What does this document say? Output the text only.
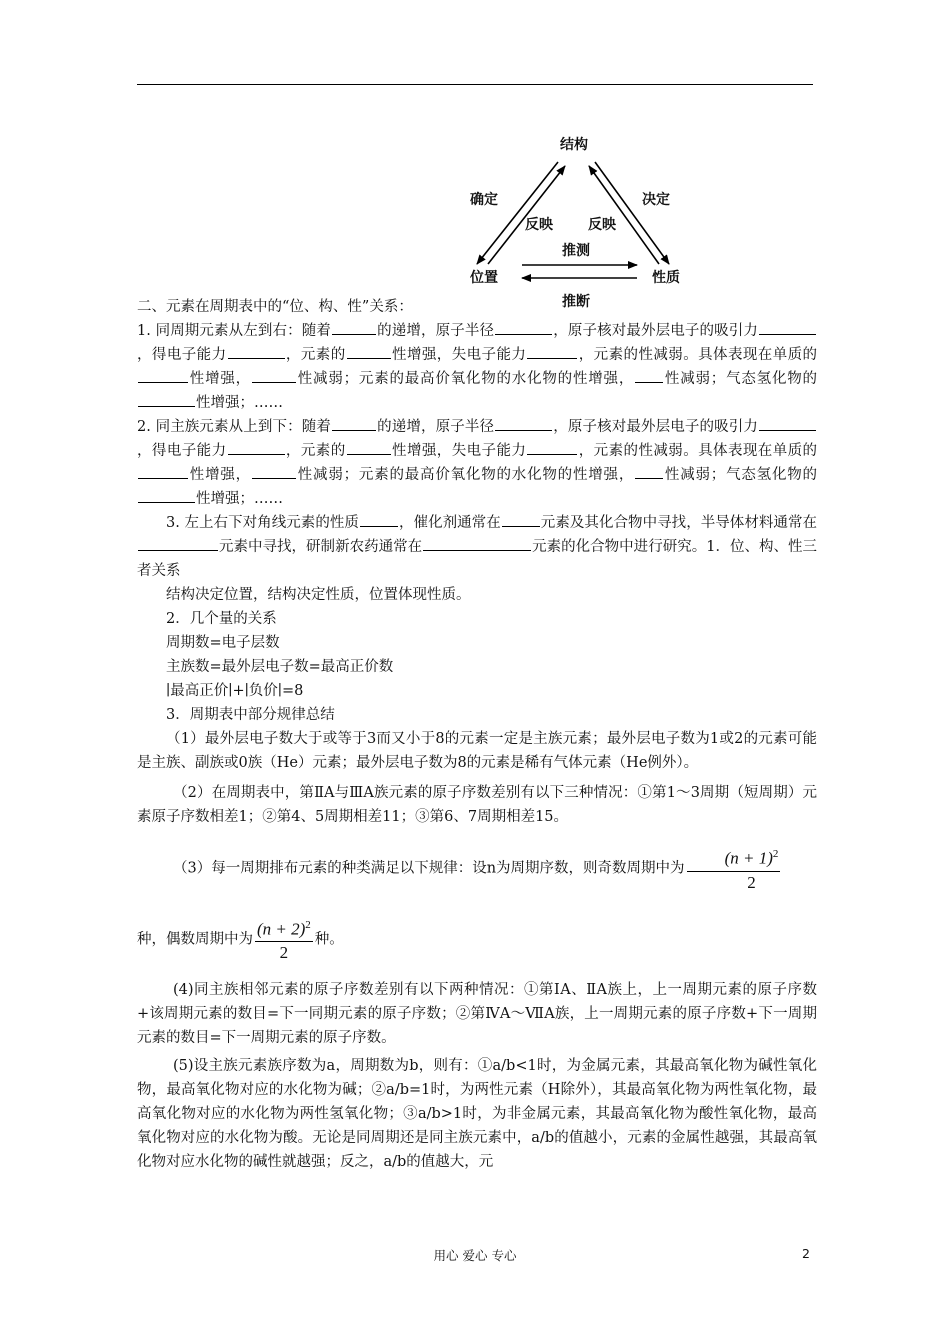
结构
位置	性质
确定	决定
反映	反映
推测
推断

二、元素在周期表中的“位、构、性”关系：

1. 同周期元素从左到右：随着	的递增，原子半径	，原子核对最外层电子的吸引力，得电子能力	，元素的	性增强，失电子能力	，元素的性减弱。具体表现在单质的性增强，	性减弱；元素的最高价氧化物的水化物的性增强， 性减弱；气态氢化物的性增强；……

2. 同主族元素从上到下：随着	的递增，原子半径	，原子核对最外层电子的吸引力，得电子能力	，元素的	性增强，失电子能力	，元素的性减弱。具体表现在单质的性增强，	性减弱；元素的最高价氧化物的水化物的性增强， 性减弱；气态氢化物的性增强；……

3. 左上右下对角线元素的性质	，催化剂通常在	元素及其化合物中寻找，半导体材料通常在元素中寻找，研制新农药通常在	元素的化合物中进行研究。1．位、构、性三者关系

结构决定位置，结构决定性质，位置体现性质。

2．几个量的关系

周期数=电子层数

主族数=最外层电子数=最高正价数

∣最高正价∣+∣负价∣=8

3．周期表中部分规律总结

（1）最外层电子数大于或等于3而又小于8的元素一定是主族元素；最外层电子数为1或2的元素可能是主族、副族或0族（He）元素；最外层电子数为8的元素是稀有气体元素（He例外）。

（2）在周期表中，第ⅡA与ⅢA族元素的原子序数差别有以下三种情况：①第1～3周期（短周期）元素原子序数相差1；②第4、5周期相差11；③第6、7周期相差15。

（3）每一周期排布元素的种类满足以下规律：设n为周期序数，则奇数周期中为 $\frac{(n + 1)^2}{2}$

种，偶数周期中为 $\frac{(n + 2)^2}{2}$ 种。

(4)同主族相邻元素的原子序数差别有以下两种情况：①第ⅠA、ⅡA族上，上一周期元素的原子序数+该周期元素的数目=下一同期元素的原子序数；②第ⅣA～ⅦA族，上一周期元素的原子序数+下一周期元素的数目=下一周期元素的原子序数。

(5)设主族元素族序数为a，周期数为b，则有：①a/b<1时，为金属元素，其最高氧化物为碱性氧化物，最高氧化物对应的水化物为碱；②a/b=1时，为两性元素（H除外），其最高氧化物为两性氧化物，最高氧化物对应的水化物为两性氢氧化物；③a/b>1时，为非金属元素，其最高氧化物为酸性氧化物，最高氧化物对应的水化物为酸。无论是同周期还是同主族元素中，a/b的值越小，元素的金属性越强，其最高氧化物对应水化物的碱性就越强；反之，a/b的值越大，元

用心 爱心 专心	2
